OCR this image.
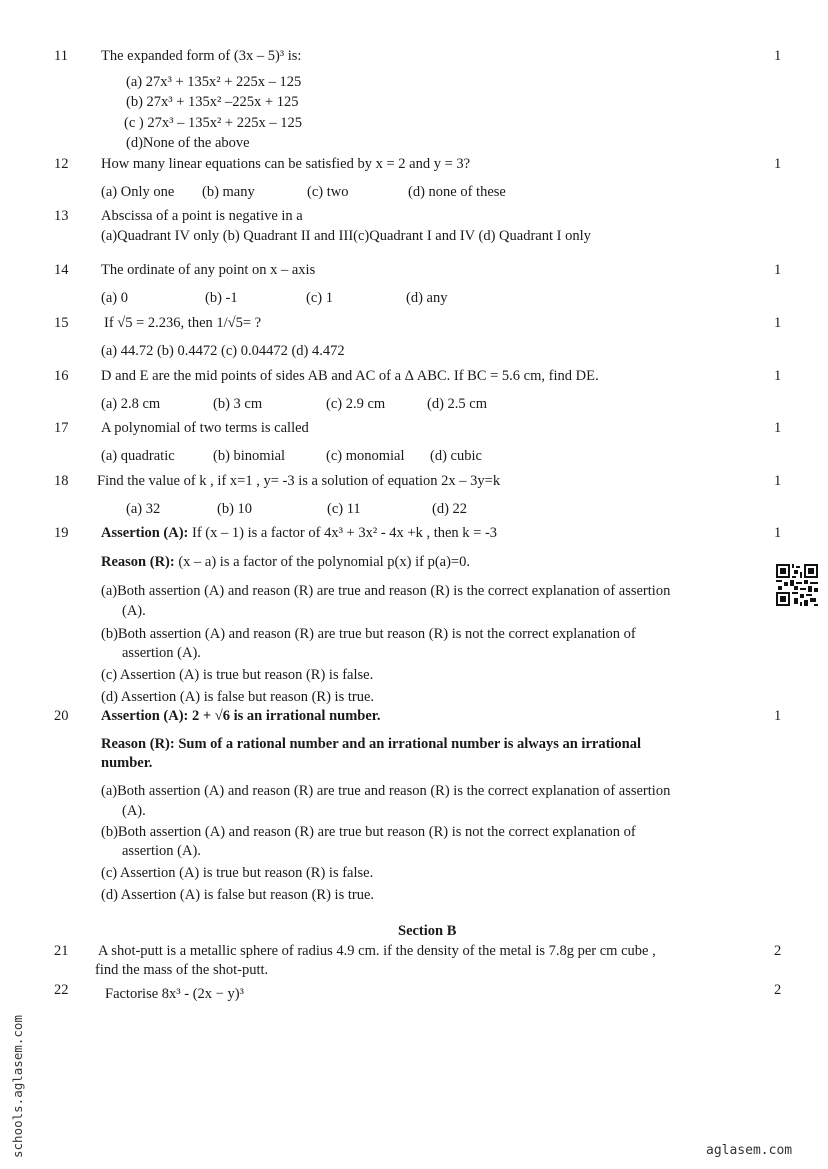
11 The expanded form of (3x – 5)³ is:	1
(a) 27x³ + 135x² + 225x – 125
(b) 27x³ + 135x² –225x + 125
(c ) 27x³ – 135x² + 225x – 125
(d)None of the above
12 How many linear equations can be satisfied by x = 2 and y = 3?	1
(a) Only one (b) many	(c) two	(d) none of these
13 Abscissa of a point is negative in a
(a)Quadrant IV only (b) Quadrant II and III(c)Quadrant I and IV (d) Quadrant I only
14 The ordinate of any point on x – axis	1
(a) 0	(b) -1	(c) 1	(d) any
15 If √5 = 2.236, then 1/√5= ?	1
(a) 44.72 (b) 0.4472 (c) 0.04472 (d) 4.472
16 D and E are the mid points of sides AB and AC of a Δ ABC. If BC = 5.6 cm, find DE.	1
(a) 2.8 cm	(b) 3 cm	(c) 2.9 cm	(d) 2.5 cm
17 A polynomial of two terms is called	1
(a) quadratic	(b) binomial	(c) monomial (d) cubic
18 Find the value of k , if x=1 , y= -3 is a solution of equation 2x – 3y=k	1
(a) 32	(b) 10	(c) 11	(d) 22
19 Assertion (A): If (x – 1) is a factor of 4x³ + 3x² - 4x +k , then k = -3	1
Reason (R): (x – a) is a factor of the polynomial p(x) if p(a)=0.
(a)Both assertion (A) and reason (R) are true and reason (R) is the correct explanation of assertion
(A).
(b)Both assertion (A) and reason (R) are true but reason (R) is not the correct explanation of
assertion (A).
(c) Assertion (A) is true but reason (R) is false.
(d) Assertion (A) is false but reason (R) is true.
20 Assertion (A): 2 + √6 is an irrational number.	1
Reason (R): Sum of a rational number and an irrational number is always an irrational
number.
(a)Both assertion (A) and reason (R) are true and reason (R) is the correct explanation of assertion
(A).
(b)Both assertion (A) and reason (R) are true but reason (R) is not the correct explanation of
assertion (A).
(c) Assertion (A) is true but reason (R) is false.
(d) Assertion (A) is false but reason (R) is true.
Section B
21 A shot-putt is a metallic sphere of radius 4.9 cm. if the density of the metal is 7.8g per cm cube ,
find the mass of the shot-putt.
2
22	Factorise 8x³ - (2x − y)³	2
aglasem.com
schools.aglasem.com
